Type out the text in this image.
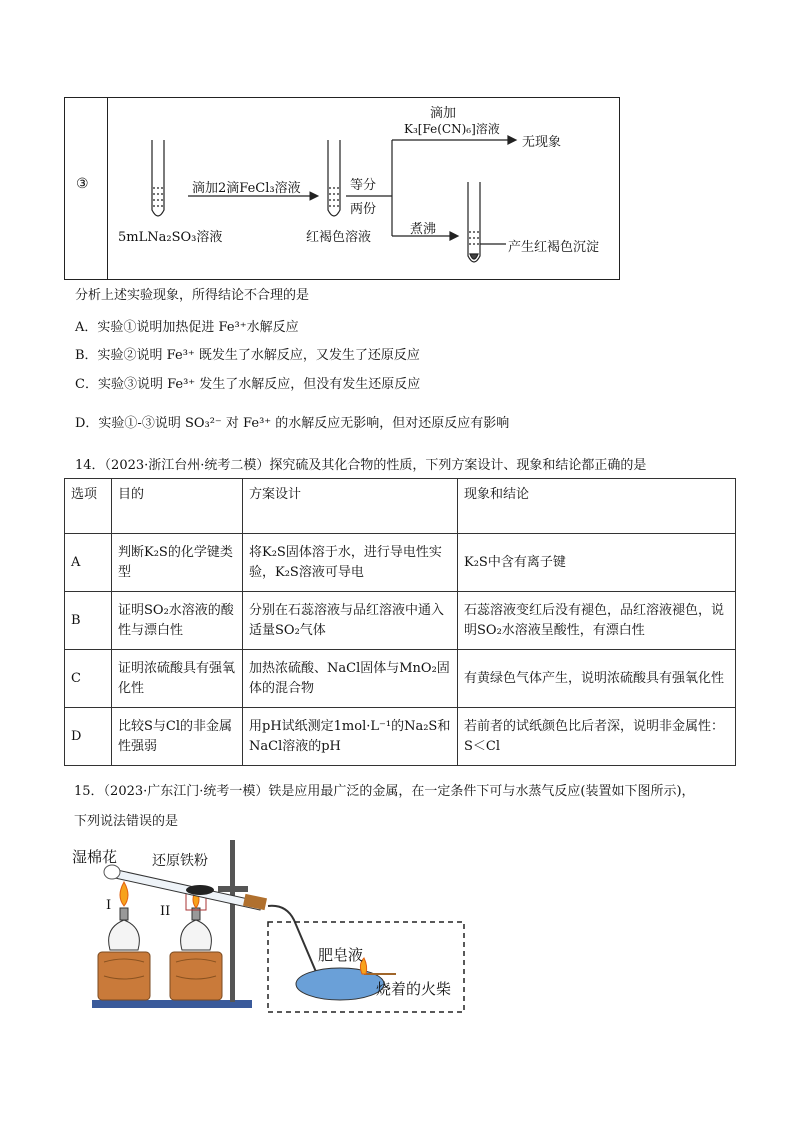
③
5mLNa₂SO₃溶液
滴加2滴FeCl₃溶液
红褐色溶液
等分
两份
滴加
K₃[Fe(CN)₆]溶液
无现象
煮沸
产生红褐色沉淀
分析上述实验现象，所得结论不合理的是
A．实验①说明加热促进 Fe³⁺水解反应
B．实验②说明 Fe³⁺ 既发生了水解反应，又发生了还原反应
C．实验③说明 Fe³⁺ 发生了水解反应，但没有发生还原反应
D．实验①-③说明 SO₃²⁻ 对 Fe³⁺ 的水解反应无影响，但对还原反应有影响
14．（2023·浙江台州·统考二模）探究硫及其化合物的性质，下列方案设计、现象和结论都正确的是
选项	目的	方案设计	现象和结论
A	判断K₂S的化学键类型	将K₂S固体溶于水，进行导电性实验，K₂S溶液可导电	K₂S中含有离子键
B	证明SO₂水溶液的酸性与漂白性	分别在石蕊溶液与品红溶液中通入适量SO₂气体	石蕊溶液变红后没有褪色，品红溶液褪色，说明SO₂水溶液呈酸性，有漂白性
C	证明浓硫酸具有强氧化性	加热浓硫酸、NaCl固体与MnO₂固体的混合物	有黄绿色气体产生，说明浓硫酸具有强氧化性
D	比较S与Cl的非金属性强弱	用pH试纸测定1mol·L⁻¹的Na₂S和NaCl溶液的pH	若前者的试纸颜色比后者深，说明非金属性：S＜Cl
15．（2023·广东江门·统考一模）铁是应用最广泛的金属，在一定条件下可与水蒸气反应(装置如下图所示)，
下列说法错误的是
湿棉花 还原铁粉
I	II
肥皂液
烧着的火柴
